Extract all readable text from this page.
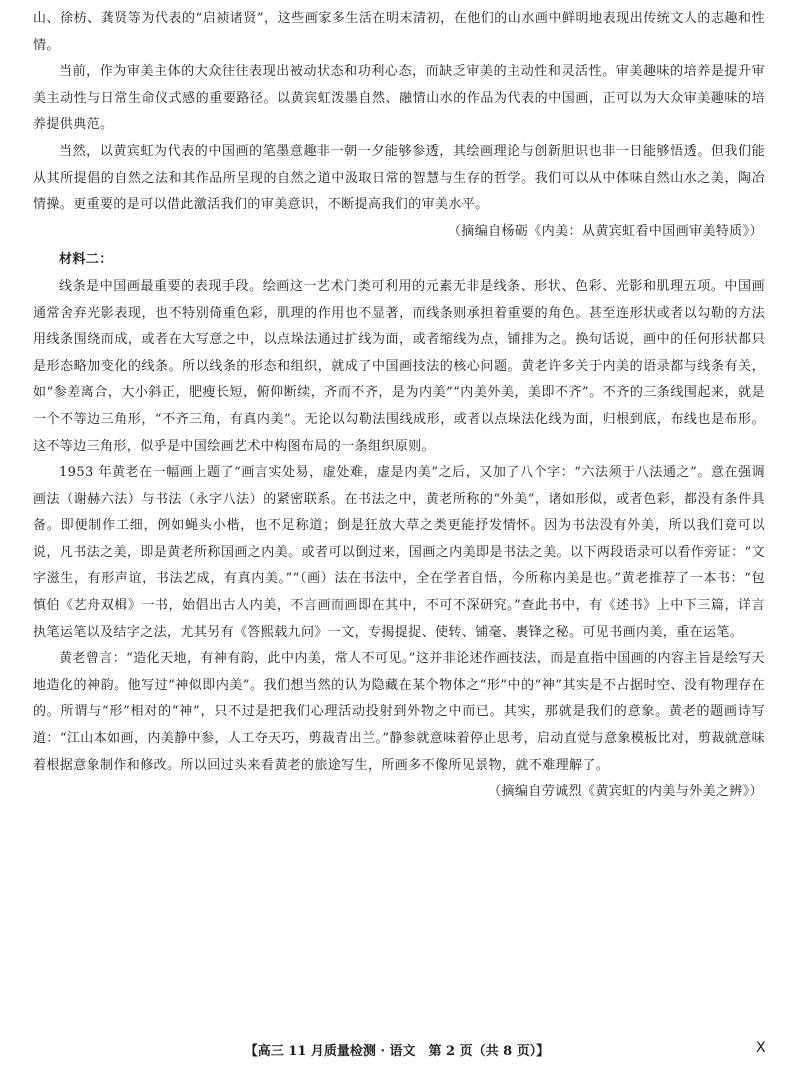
山、徐枋、龚贤等为代表的“启祯诸贤”，这些画家多生活在明末清初，在他们的山水画中鲜明地表现出传统文人的志趣和性情。

当前，作为审美主体的大众往往表现出被动状态和功利心态，而缺乏审美的主动性和灵活性。审美趣味的培养是提升审美主动性与日常生命仪式感的重要路径。以黄宾虹泼墨自然、融情山水的作品为代表的中国画，正可以为大众审美趣味的培养提供典范。

当然，以黄宾虹为代表的中国画的笔墨意趣非一朝一夕能够参透，其绘画理论与创新胆识也非一日能够悟透。但我们能从其所提倡的自然之法和其作品所呈现的自然之道中汲取日常的智慧与生存的哲学。我们可以从中体味自然山水之美，陶冶情操。更重要的是可以借此激活我们的审美意识，不断提高我们的审美水平。

（摘编自杨砺《内美：从黄宾虹看中国画审美特质》）

材料二：

线条是中国画最重要的表现手段。绘画这一艺术门类可利用的元素无非是线条、形状、色彩、光影和肌理五项。中国画通常舍弃光影表现，也不特别倚重色彩，肌理的作用也不显著，而线条则承担着重要的角色。甚至连形状或者以勾勒的方法用线条围绕而成，或者在大写意之中，以点垛法通过扩线为面，或者缩线为点，铺排为之。换句话说，画中的任何形状都只是形态略加变化的线条。所以线条的形态和组织，就成了中国画技法的核心问题。黄老许多关于内美的语录都与线条有关，如“参差离合，大小斜正，肥瘦长短，俯仰断续，齐而不齐，是为内美”“内美外美，美即不齐”。不齐的三条线围起来，就是一个不等边三角形，“不齐三角，有真内美”。无论以勾勒法围线成形，或者以点垛法化线为面，归根到底，布线也是布形。这不等边三角形，似乎是中国绘画艺术中构图布局的一条组织原则。

1953 年黄老在一幅画上题了“画言实处易，虚处难，虚是内美”之后，又加了八个字：“六法须于八法通之”。意在强调画法（谢赫六法）与书法（永字八法）的紧密联系。在书法之中，黄老所称的“外美”，诸如形似，或者色彩，都没有条件具备。即便制作工细，例如蝇头小楷，也不足称道；倒是狂放大草之类更能抒发情怀。因为书法没有外美，所以我们竟可以说，凡书法之美，即是黄老所称国画之内美。或者可以倒过来，国画之内美即是书法之美。以下两段语录可以看作旁证：“文字滋生，有形声谊，书法艺成，有真内美。”“（画）法在书法中，全在学者自悟，今所称内美是也。”黄老推荐了一本书：“包慎伯《艺舟双楫》一书，始倡出古人内美，不言画而画即在其中，不可不深研究。”查此书中，有《述书》上中下三篇，详言执笔运笔以及结字之法，尤其另有《答熙载九问》一文，专揭提捉、使转、铺毫、裹锋之秘。可见书画内美，重在运笔。

黄老曾言：“造化天地，有神有韵，此中内美，常人不可见。”这并非论述作画技法，而是直指中国画的内容主旨是绘写天地造化的神韵。他写过“神似即内美”。我们想当然的认为隐藏在某个物体之“形”中的“神”其实是不占据时空、没有物理存在的。所谓与“形”相对的“神”，只不过是把我们心理活动投射到外物之中而已。其实，那就是我们的意象。黄老的题画诗写道：“江山本如画，内美静中参，人工夺天巧，剪裁青出兰。”静参就意味着停止思考，启动直觉与意象模板比对，剪裁就意味着根据意象制作和修改。所以回过头来看黄老的旅途写生，所画多不像所见景物，就不难理解了。

（摘编自劳诚烈《黄宾虹的内美与外美之辨》）

【高三 11 月质量检测 · 语文　第 2 页（共 8 页）】	X
